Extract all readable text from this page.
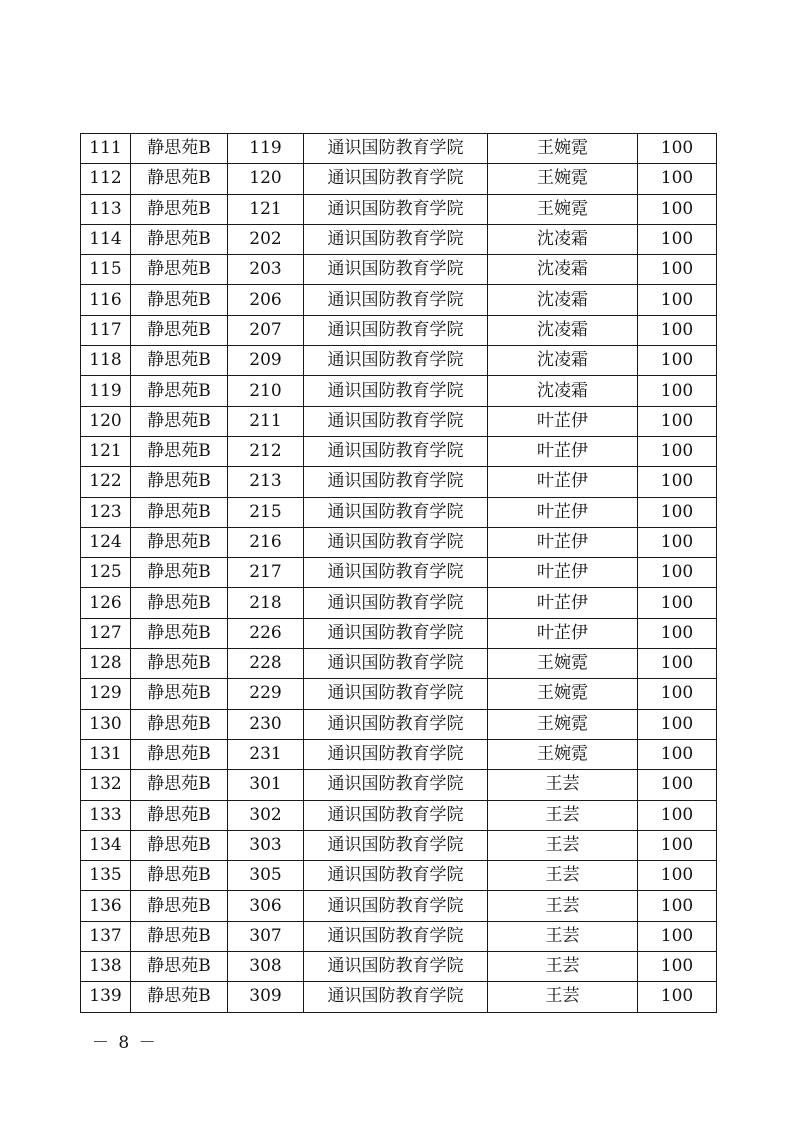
111	静思苑B	119	通识国防教育学院	王婉霓	100
112	静思苑B	120	通识国防教育学院	王婉霓	100
113	静思苑B	121	通识国防教育学院	王婉霓	100
114	静思苑B	202	通识国防教育学院	沈凌霜	100
115	静思苑B	203	通识国防教育学院	沈凌霜	100
116	静思苑B	206	通识国防教育学院	沈凌霜	100
117	静思苑B	207	通识国防教育学院	沈凌霜	100
118	静思苑B	209	通识国防教育学院	沈凌霜	100
119	静思苑B	210	通识国防教育学院	沈凌霜	100
120	静思苑B	211	通识国防教育学院	叶芷伊	100
121	静思苑B	212	通识国防教育学院	叶芷伊	100
122	静思苑B	213	通识国防教育学院	叶芷伊	100
123	静思苑B	215	通识国防教育学院	叶芷伊	100
124	静思苑B	216	通识国防教育学院	叶芷伊	100
125	静思苑B	217	通识国防教育学院	叶芷伊	100
126	静思苑B	218	通识国防教育学院	叶芷伊	100
127	静思苑B	226	通识国防教育学院	叶芷伊	100
128	静思苑B	228	通识国防教育学院	王婉霓	100
129	静思苑B	229	通识国防教育学院	王婉霓	100
130	静思苑B	230	通识国防教育学院	王婉霓	100
131	静思苑B	231	通识国防教育学院	王婉霓	100
132	静思苑B	301	通识国防教育学院	王芸	100
133	静思苑B	302	通识国防教育学院	王芸	100
134	静思苑B	303	通识国防教育学院	王芸	100
135	静思苑B	305	通识国防教育学院	王芸	100
136	静思苑B	306	通识国防教育学院	王芸	100
137	静思苑B	307	通识国防教育学院	王芸	100
138	静思苑B	308	通识国防教育学院	王芸	100
139	静思苑B	309	通识国防教育学院	王芸	100
－ 8 －
